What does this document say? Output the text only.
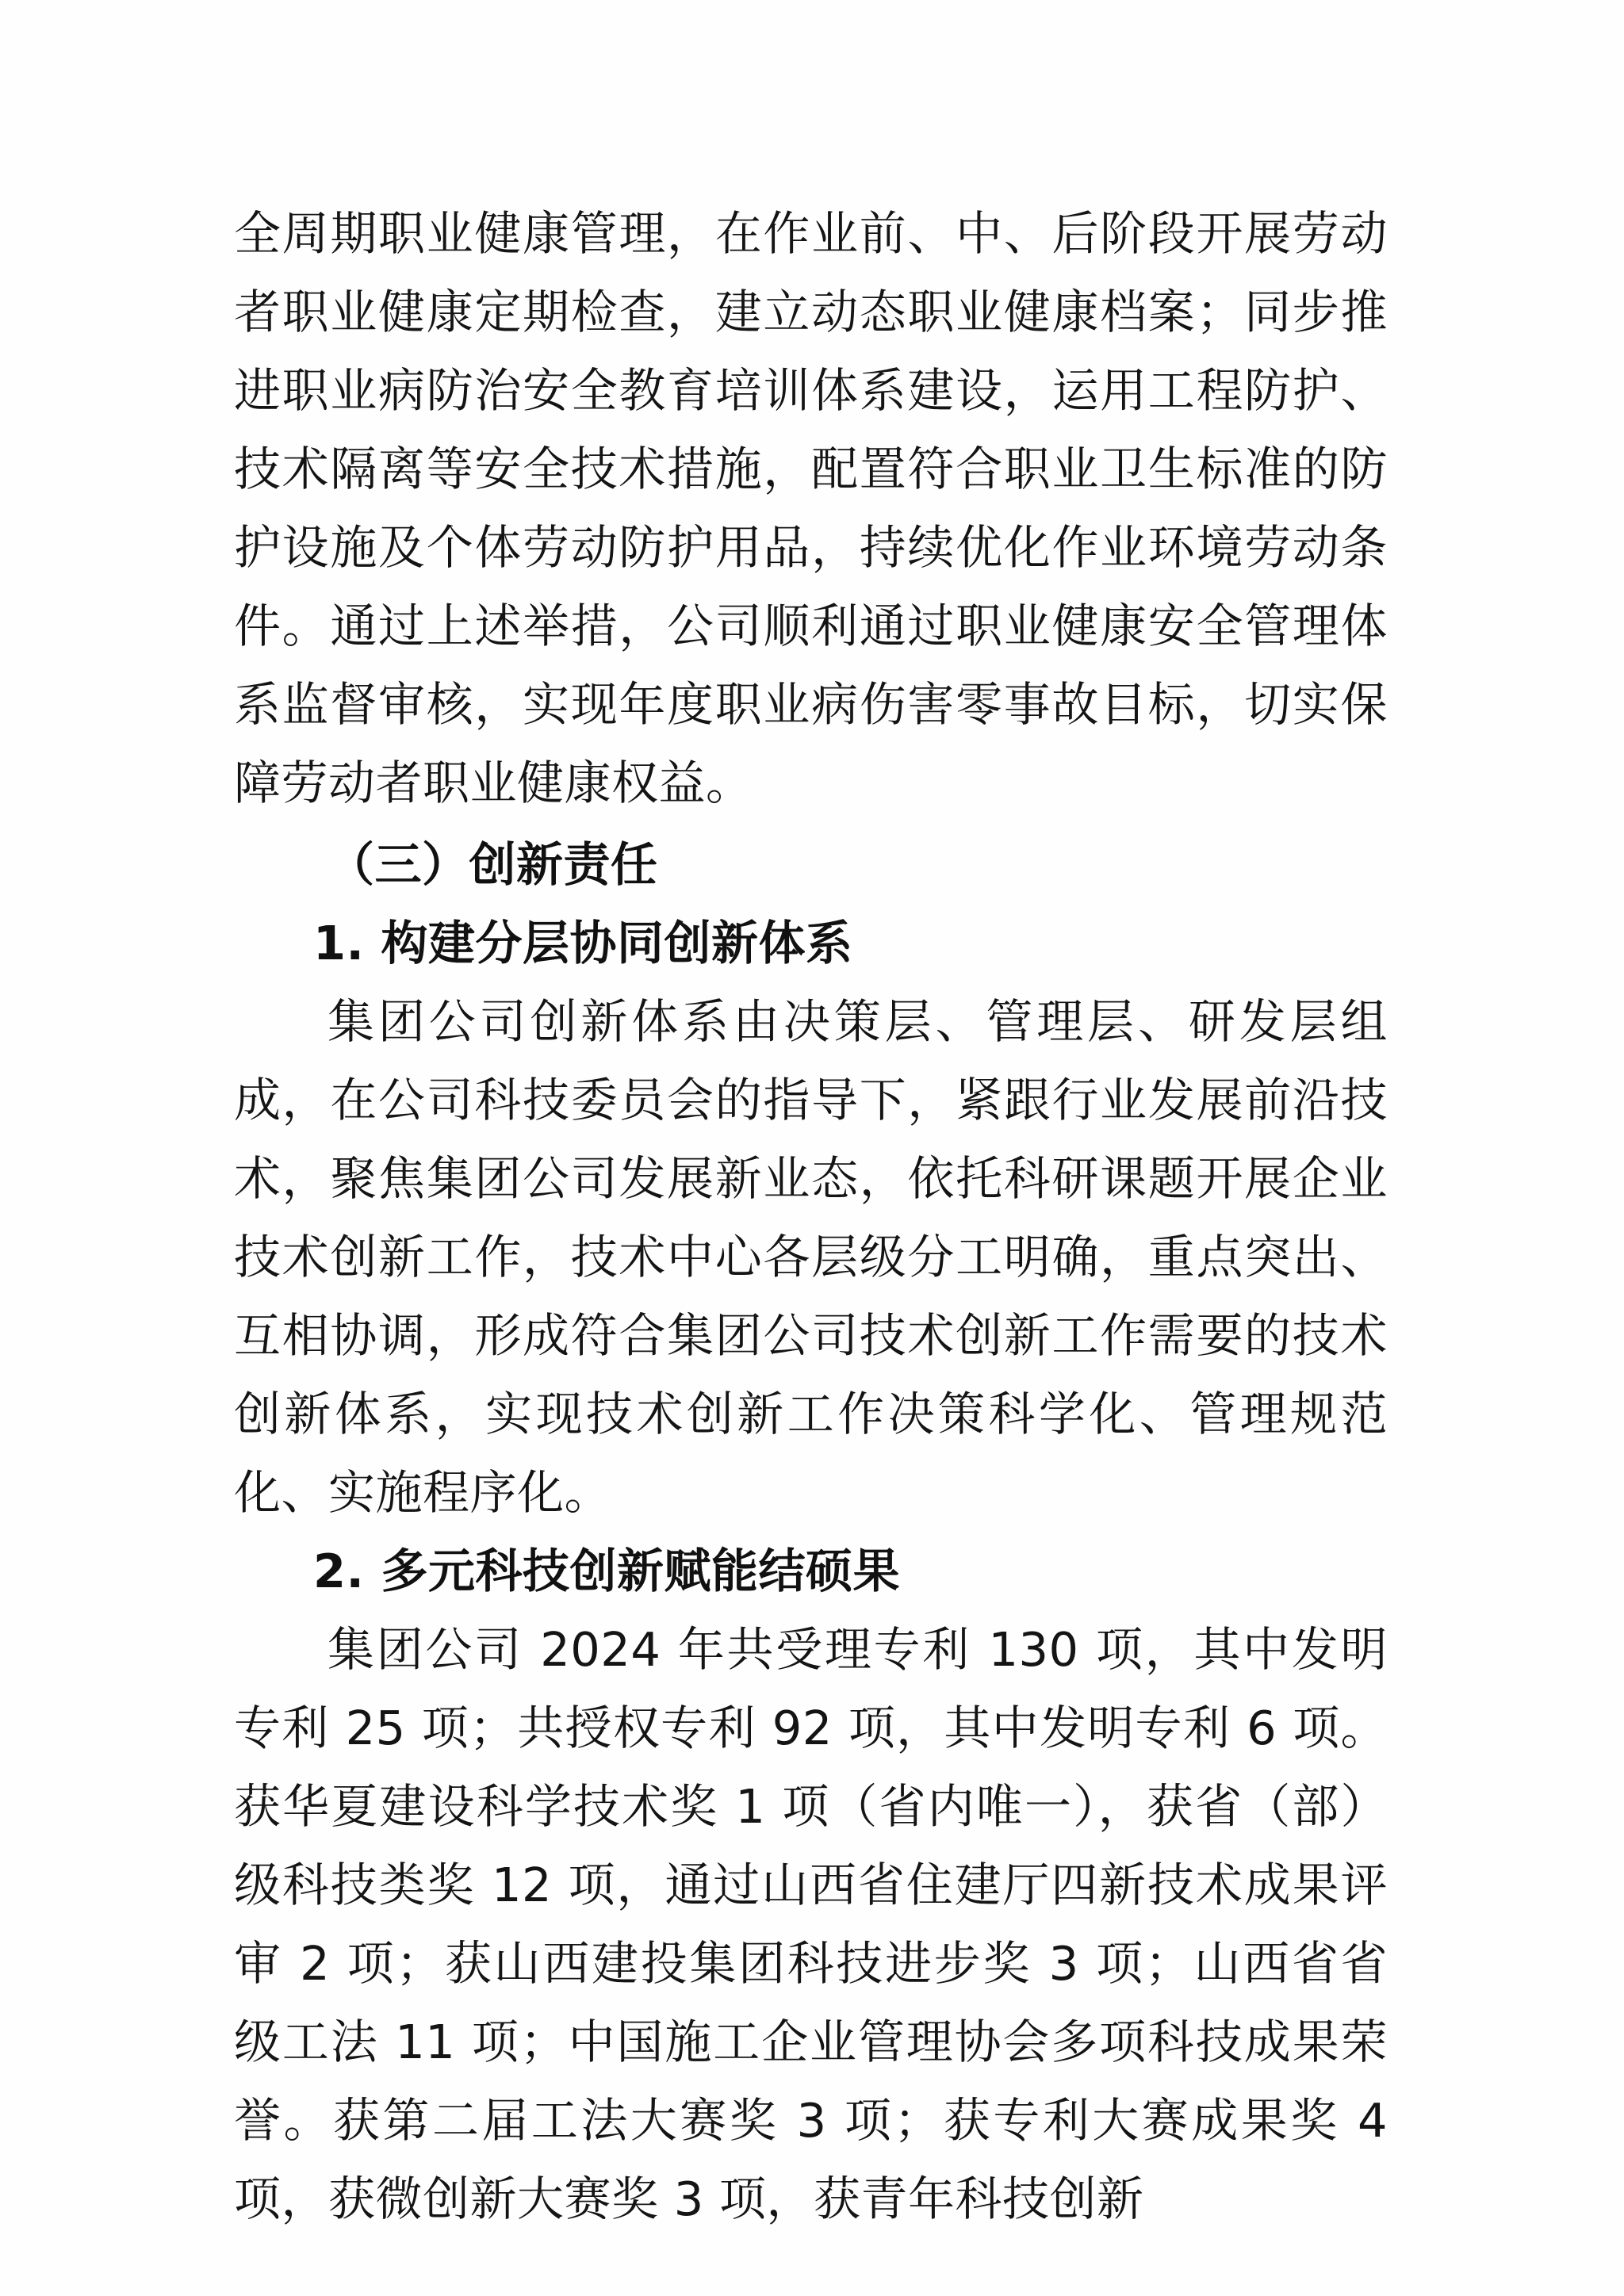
全周期职业健康管理，在作业前、中、后阶段开展劳动者职业健康定期检查，建立动态职业健康档案；同步推进职业病防治安全教育培训体系建设，运用工程防护、技术隔离等安全技术措施，配置符合职业卫生标准的防护设施及个体劳动防护用品，持续优化作业环境劳动条件。通过上述举措，公司顺利通过职业健康安全管理体系监督审核，实现年度职业病伤害零事故目标，切实保障劳动者职业健康权益。

（三）创新责任

1. 构建分层协同创新体系

集团公司创新体系由决策层、管理层、研发层组成，在公司科技委员会的指导下，紧跟行业发展前沿技术，聚焦集团公司发展新业态，依托科研课题开展企业技术创新工作，技术中心各层级分工明确，重点突出、互相协调，形成符合集团公司技术创新工作需要的技术创新体系，实现技术创新工作决策科学化、管理规范化、实施程序化。

2. 多元科技创新赋能结硕果

集团公司 2024 年共受理专利 130 项，其中发明专利 25 项；共授权专利 92 项，其中发明专利 6 项。获华夏建设科学技术奖 1 项（省内唯一），获省（部）级科技类奖 12 项，通过山西省住建厅四新技术成果评审 2 项；获山西建投集团科技进步奖 3 项；山西省省级工法 11 项；中国施工企业管理协会多项科技成果荣誉。获第二届工法大赛奖 3 项；获专利大赛成果奖 4 项，获微创新大赛奖 3 项，获青年科技创新
